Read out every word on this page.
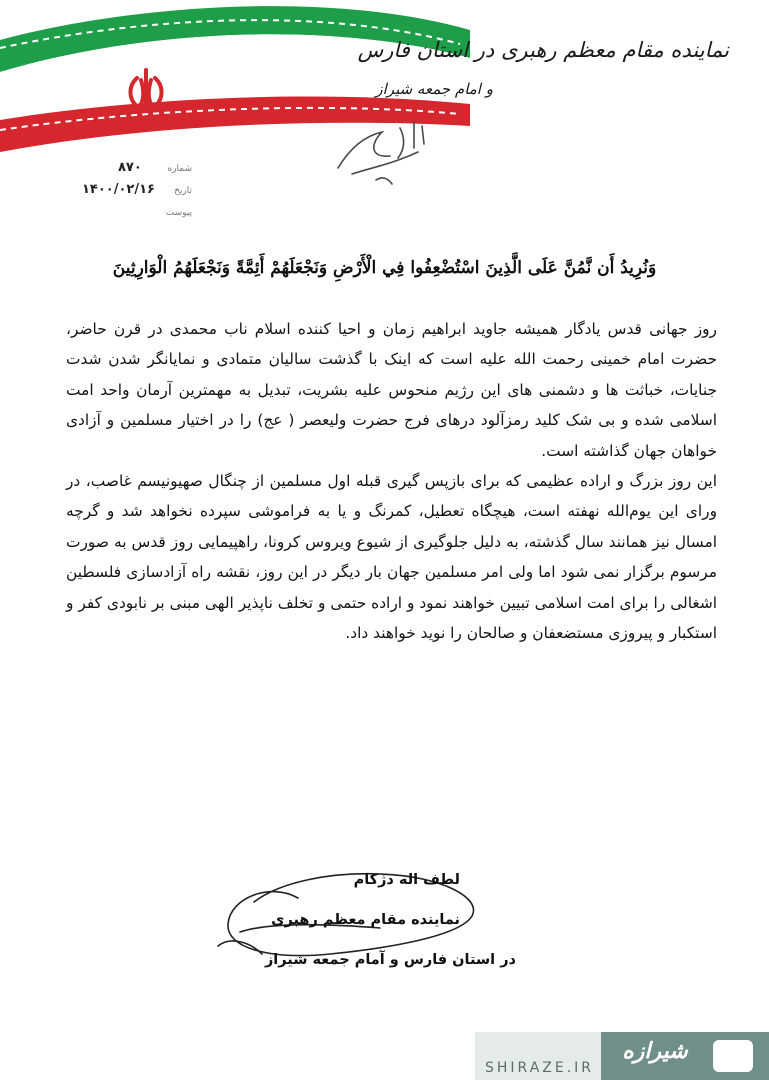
نماینده مقام معظم رهبری در استان فارس
و امام جمعه شیراز
شماره
۸۷۰
تاریخ
۱۴۰۰/۰۲/۱۶
پیوست
وَنُرِيدُ أَن نَّمُنَّ عَلَى الَّذِينَ اسْتُضْعِفُوا فِي الْأَرْضِ وَنَجْعَلَهُمْ أَئِمَّةً وَنَجْعَلَهُمُ الْوَارِثِينَ

روز جهانی قدس یادگار همیشه جاوید ابراهیم زمان و احیا کننده اسلام ناب محمدی در قرن حاضر، حضرت امام خمینی رحمت الله علیه است که اینک با گذشت سالیان متمادی و نمایانگر شدن شدت جنایات، خباثت ها و دشمنی های این رژیم منحوس علیه بشریت، تبدیل به مهمترین آرمان واحد امت اسلامی شده و بی شک کلید رمزآلود درهای فرج حضرت ولیعصر ( عج) را در اختیار مسلمین و آزادی خواهان جهان گذاشته است.

این روز بزرگ و اراده عظیمی که برای بازپس گیری قبله اول مسلمین از چنگال صهیونیسم غاصب، در ورای این یوم‌الله نهفته است، هیچگاه تعطیل، کمرنگ و یا به فراموشی سپرده نخواهد شد و گرچه امسال نیز همانند سال گذشته، به دلیل جلوگیری از شیوع ویروس کرونا، راهپیمایی روز قدس به صورت مرسوم برگزار نمی شود اما ولی امر مسلمین جهان بار دیگر در این روز، نقشه راه آزادسازی فلسطین اشغالی را برای امت اسلامی تبیین خواهند نمود و اراده حتمی و تخلف ناپذیر الهی مبنی بر نابودی کفر و استکبار و پیروزی مستضعفان و صالحان را نوید خواهند داد.

لطف اله دژکام
نماینده مقام معظم رهبری
در استان فارس و آمام جمعه شیراز
SHIRAZE.IR
شیرازه
